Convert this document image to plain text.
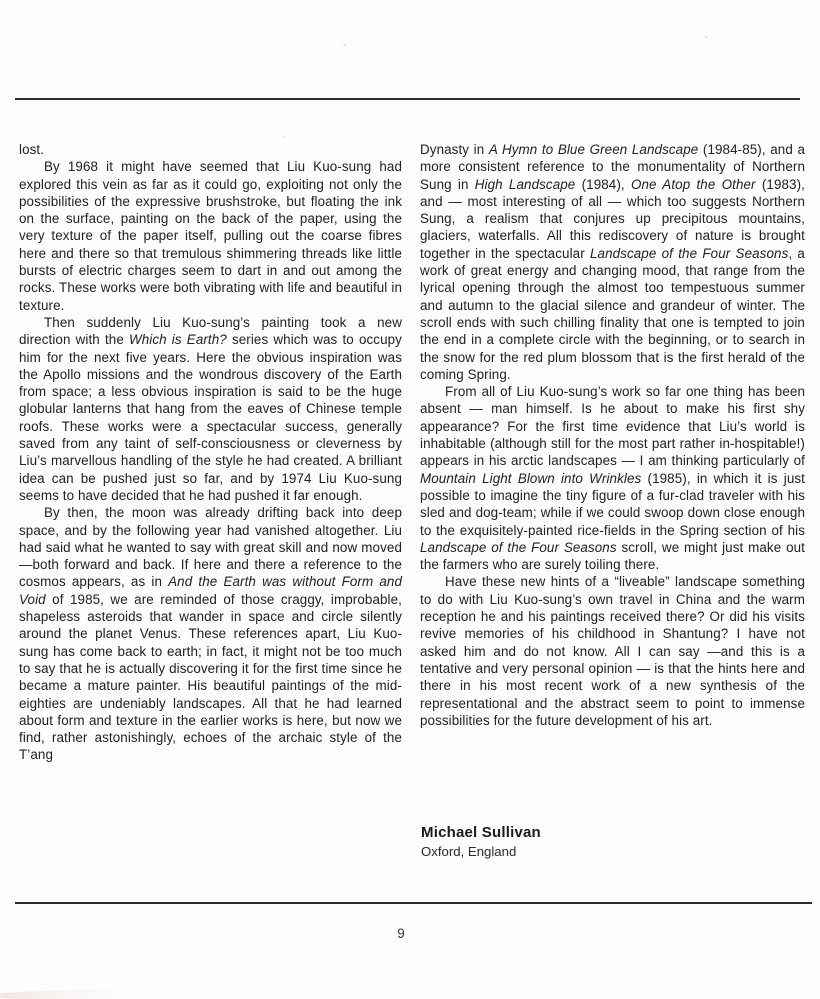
lost.

By 1968 it might have seemed that Liu Kuo-sung had explored this vein as far as it could go, exploiting not only the possibilities of the expressive brushstroke, but floating the ink on the surface, painting on the back of the paper, using the very texture of the paper itself, pulling out the coarse fibres here and there so that tremulous shimmering threads like little bursts of electric charges seem to dart in and out among the rocks. These works were both vibrating with life and beautiful in texture.

Then suddenly Liu Kuo-sung’s painting took a new direction with the Which is Earth? series which was to occupy him for the next five years. Here the obvious inspiration was the Apollo missions and the wondrous discovery of the Earth from space; a less obvious inspiration is said to be the huge globular lanterns that hang from the eaves of Chinese temple roofs. These works were a spectacular success, generally saved from any taint of self-consciousness or cleverness by Liu’s marvellous handling of the style he had created. A brilliant idea can be pushed just so far, and by 1974 Liu Kuo-sung seems to have decided that he had pushed it far enough.

By then, the moon was already drifting back into deep space, and by the following year had vanished altogether. Liu had said what he wanted to say with great skill and now moved—both forward and back. If here and there a reference to the cosmos appears, as in And the Earth was without Form and Void of 1985, we are reminded of those craggy, improbable, shapeless asteroids that wander in space and circle silently around the planet Venus. These references apart, Liu Kuo-sung has come back to earth; in fact, it might not be too much to say that he is actually discovering it for the first time since he became a mature painter. His beautiful paintings of the mid-eighties are undeniably landscapes. All that he had learned about form and texture in the earlier works is here, but now we find, rather astonishingly, echoes of the archaic style of the T’ang

Dynasty in A Hymn to Blue Green Landscape (1984-85), and a more consistent reference to the monumentality of Northern Sung in High Landscape (1984), One Atop the Other (1983), and — most interesting of all — which too suggests Northern Sung, a realism that conjures up precipitous mountains, glaciers, waterfalls. All this rediscovery of nature is brought together in the spectacular Landscape of the Four Seasons, a work of great energy and changing mood, that range from the lyrical opening through the almost too tempestuous summer and autumn to the glacial silence and grandeur of winter. The scroll ends with such chilling finality that one is tempted to join the end in a complete circle with the beginning, or to search in the snow for the red plum blossom that is the first herald of the coming Spring.

From all of Liu Kuo-sung’s work so far one thing has been absent — man himself. Is he about to make his first shy appearance? For the first time evidence that Liu’s world is inhabitable (although still for the most part rather in-hospitable!) appears in his arctic landscapes — I am thinking particularly of Mountain Light Blown into Wrinkles (1985), in which it is just possible to imagine the tiny figure of a fur-clad traveler with his sled and dog-team; while if we could swoop down close enough to the exquisitely-painted rice-fields in the Spring section of his Landscape of the Four Seasons scroll, we might just make out the farmers who are surely toiling there.

Have these new hints of a “liveable” landscape something to do with Liu Kuo-sung’s own travel in China and the warm reception he and his paintings received there? Or did his visits revive memories of his childhood in Shantung? I have not asked him and do not know. All I can say —and this is a tentative and very personal opinion — is that the hints here and there in his most recent work of a new synthesis of the representational and the abstract seem to point to immense possibilities for the future development of his art.

Michael Sullivan

Oxford, England

9
